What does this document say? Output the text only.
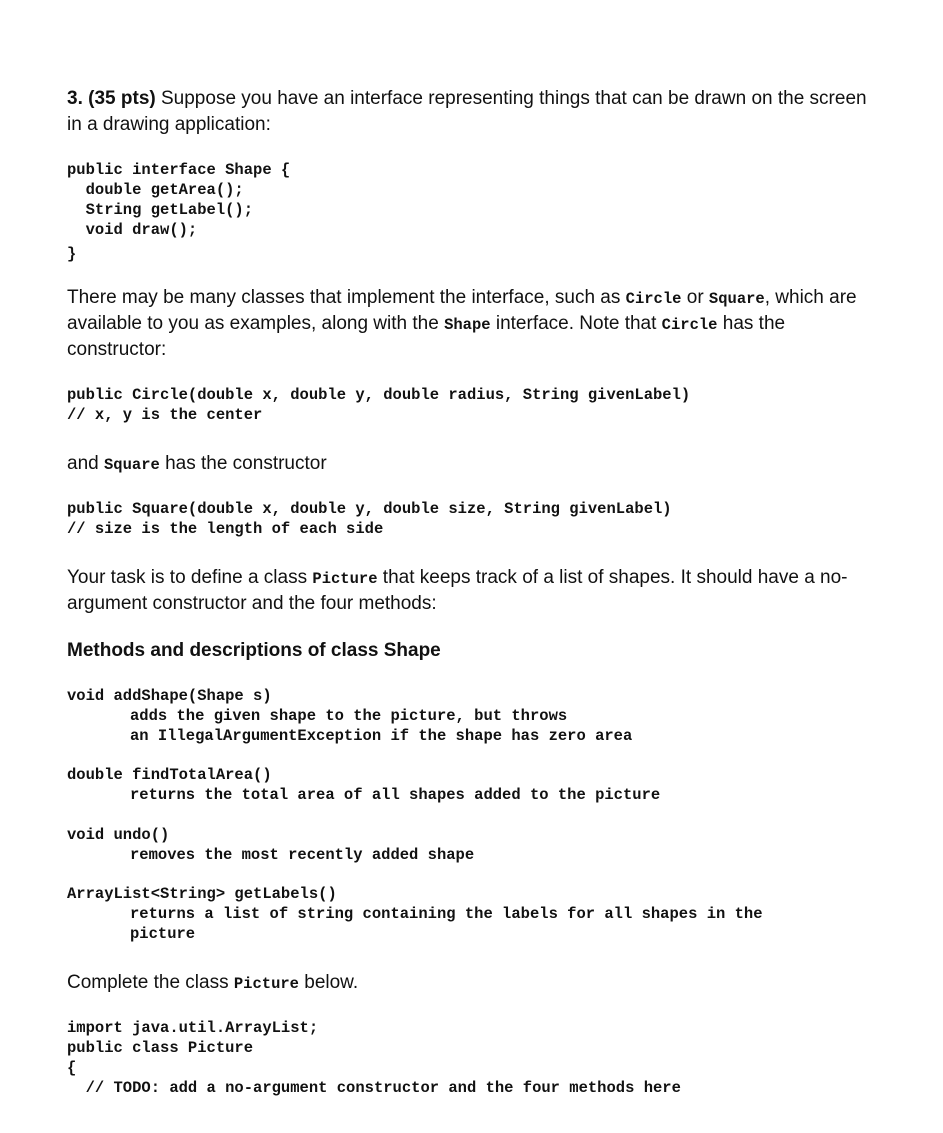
3. (35 pts) Suppose you have an interface representing things that can be drawn on the screen
in a drawing application:
public interface Shape {
double getArea();
String getLabel();
void draw();
}
There may be many classes that implement the interface, such as Circle or Square, which are
available to you as examples, along with the Shape interface. Note that Circle has the
constructor:
public Circle(double x, double y, double radius, String givenLabel)
// x, y is the center
and Square has the constructor
public Square(double x, double y, double size, String givenLabel)
// size is the length of each side
Your task is to define a class Picture that keeps track of a list of shapes. It should have a no-
argument constructor and the four methods:
Methods and descriptions of class Shape
void addShape(Shape s)
adds the given shape to the picture, but throws
an IllegalArgumentException if the shape has zero area
double findTotalArea()
returns the total area of all shapes added to the picture
void undo()
removes the most recently added shape
ArrayList<String> getLabels()
returns a list of string containing the labels for all shapes in the
picture
Complete the class Picture below.
import java.util.ArrayList;
public class Picture
{
// TODO: add a no-argument constructor and the four methods here
